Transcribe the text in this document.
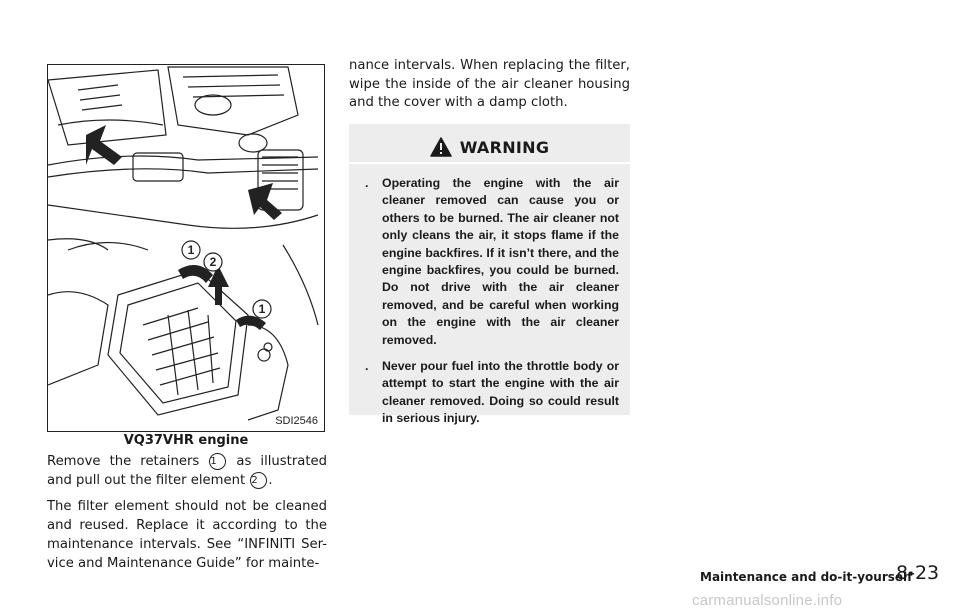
1
2
1
SDI2546
VQ37VHR engine

Remove the retainers 1 as illustrated and pull out the filter element 2 .

The filter element should not be cleaned and reused. Replace it according to the maintenance intervals. See “INFINITI Ser-vice and Maintenance Guide” for mainte-

nance intervals. When replacing the filter, wipe the inside of the air cleaner housing and the cover with a damp cloth.
WARNING
. Operating the engine with the air cleaner removed can cause you or others to be burned. The air cleaner not only cleans the air, it stops flame if the engine backfires. If it isn’t there, and the engine backfires, you could be burned. Do not drive with the air cleaner removed, and be careful when working on the engine with the air cleaner removed.
. Never pour fuel into the throttle body or attempt to start the engine with the air cleaner removed. Doing so could result in serious injury.
Maintenance and do-it-yourself
8-23
carmanualsonline.info
